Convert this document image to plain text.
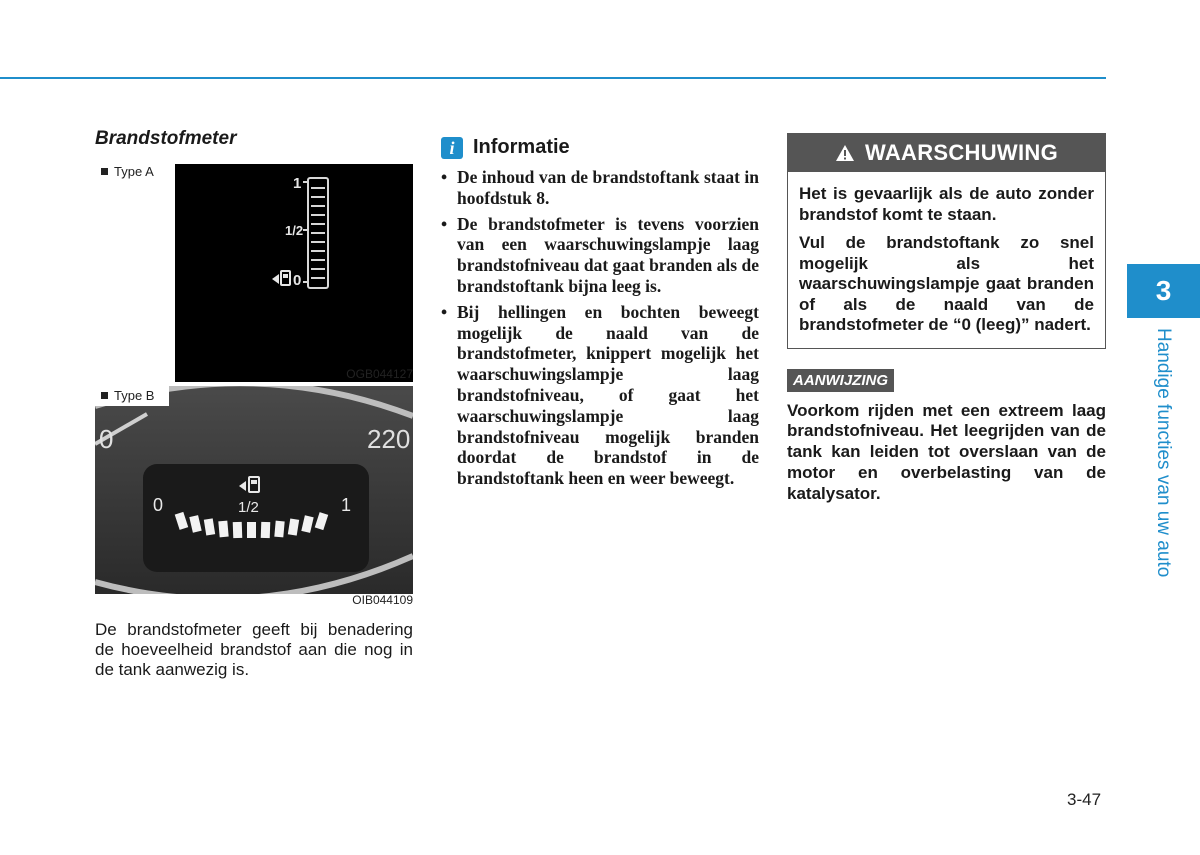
Brandstofmeter
Type A
1
1/2
0
OGB044127
0	220
0	1/2	1
OIB044109
Type B
De brandstofmeter geeft bij benadering de hoeveelheid brandstof aan die nog in de tank aanwezig is.
i Informatie
• De inhoud van de brandstoftank staat in hoofdstuk 8.
• De brandstofmeter is tevens voorzien van een waarschuwingslampje laag brandstofniveau dat gaat branden als de brandstoftank bijna leeg is.
• Bij hellingen en bochten beweegt mogelijk de naald van de brandstofmeter, knippert mogelijk het waarschuwingslampje laag brandstofniveau, of gaat het waarschuwingslampje laag brandstofniveau mogelijk branden doordat de brandstof in de brandstoftank heen en weer beweegt.
WAARSCHUWING

Het is gevaarlijk als de auto zonder brandstof komt te staan.

Vul de brandstoftank zo snel mogelijk als het waarschuwingslampje gaat branden of als de naald van de brandstofmeter de “0 (leeg)” nadert.

AANWIJZING
Voorkom rijden met een extreem laag brandstofniveau. Het leegrijden van de tank kan leiden tot overslaan van de motor en overbelasting van de katalysator.
3
Handige functies van uw auto
3-47
